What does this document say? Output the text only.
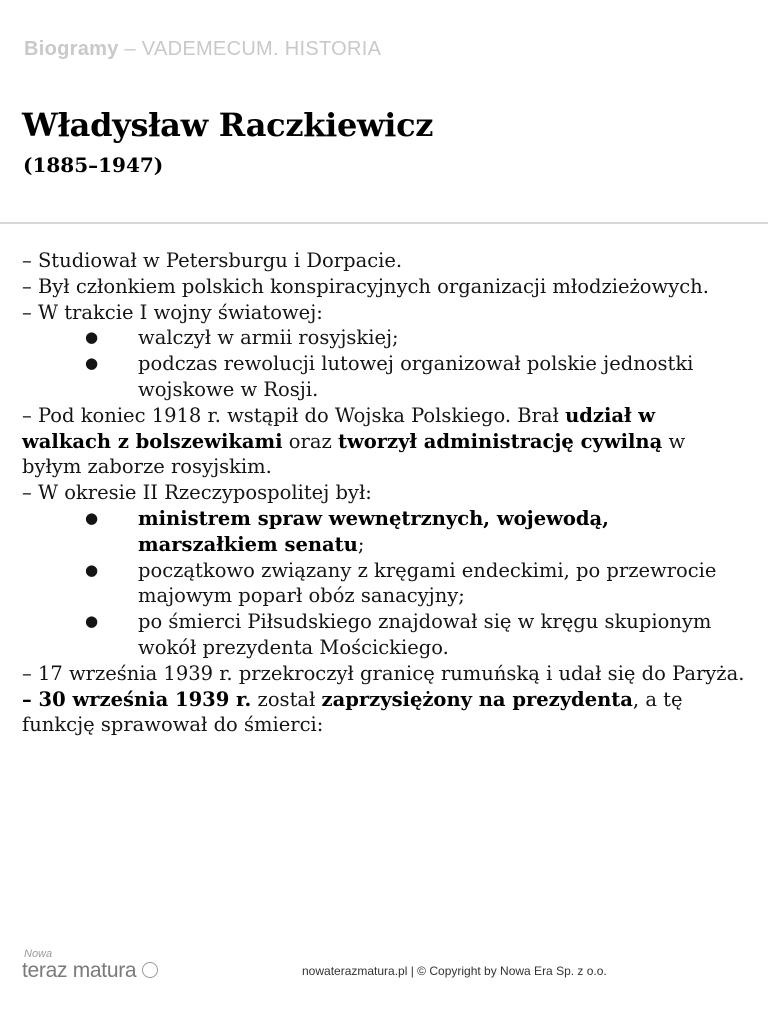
Biogramy – VADEMECUM. HISTORIA
Władysław Raczkiewicz
(1885–1947)

– Studiował w Petersburgu i Dorpacie.

– Był członkiem polskich konspiracyjnych organizacji młodzieżowych.

– W trakcie I wojny światowej:

● walczył w armii rosyjskiej;
● podczas rewolucji lutowej organizował polskie jednostki wojskowe w Rosji.

– Pod koniec 1918 r. wstąpił do Wojska Polskiego. Brał udział w walkach z bolszewikami oraz tworzył administrację cywilną w byłym zaborze rosyjskim.

– W okresie II Rzeczypospolitej był:

● ministrem spraw wewnętrznych, wojewodą, marszałkiem senatu;
● początkowo związany z kręgami endeckimi, po przewrocie majowym poparł obóz sanacyjny;
● po śmierci Piłsudskiego znajdował się w kręgu skupionym wokół prezydenta Mościckiego.

– 17 września 1939 r. przekroczył granicę rumuńską i udał się do Paryża.

– 30 września 1939 r. został zaprzysiężony na prezydenta, a tę funkcję sprawował do śmierci:

Nowa
teraz matura	nowaterazmatura.pl | © Copyright by Nowa Era Sp. z o.o.
